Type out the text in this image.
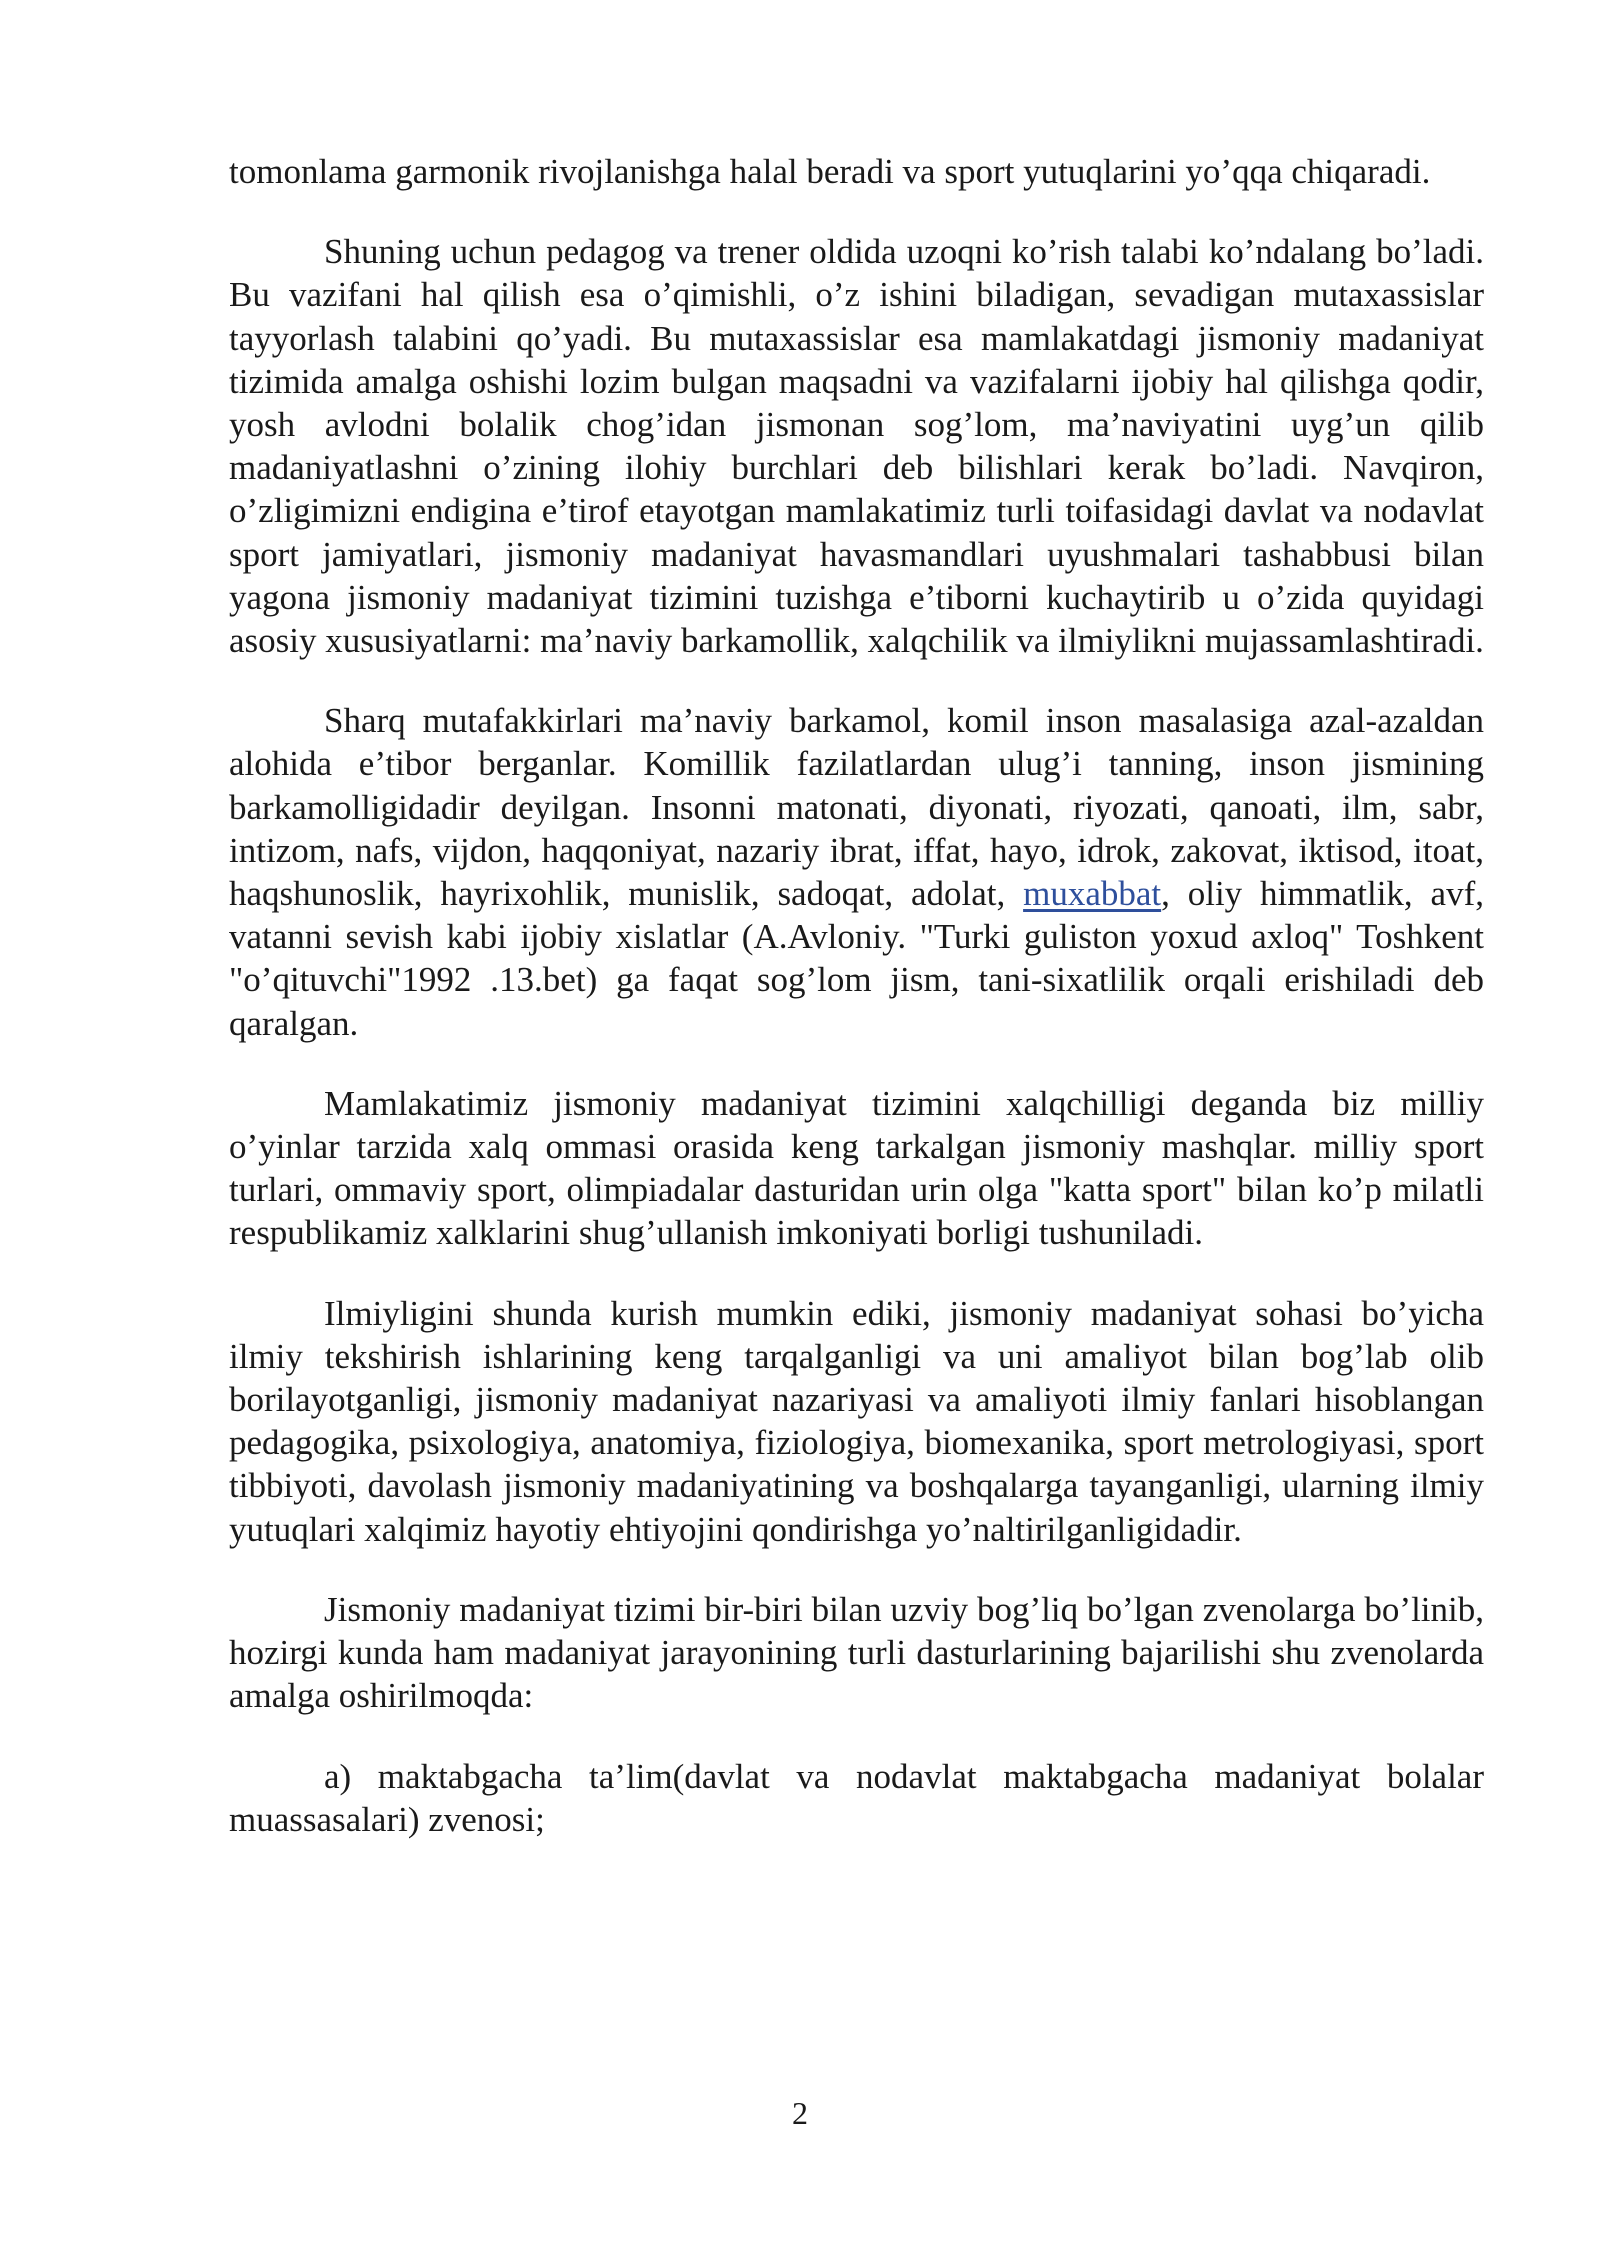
tomonlama garmonik rivojlanishga halal beradi va sport yutuqlarini yo’qqa chiqaradi.

Shuning uchun pedagog va trener oldida uzoqni ko’rish talabi ko’ndalang bo’ladi. Bu vazifani hal qilish esa o’qimishli, o’z ishini biladigan, sevadigan mutaxassislar tayyorlash talabini qo’yadi. Bu mutaxassislar esa mamlakatdagi jismoniy madaniyat tizimida amalga oshishi lozim bulgan maqsadni va vazifalarni ijobiy hal qilishga qodir, yosh avlodni bolalik chog’idan jismonan sog’lom, ma’naviyatini uyg’un qilib madaniyatlashni o’zining ilohiy burchlari deb bilishlari kerak bo’ladi. Navqiron, o’zligimizni endigina e’tirof etayotgan mamlakatimiz turli toifasidagi davlat va nodavlat sport jamiyatlari, jismoniy madaniyat havasmandlari uyushmalari tashabbusi bilan yagona jismoniy madaniyat tizimini tuzishga e’tiborni kuchaytirib u o’zida quyidagi asosiy xususiyatlarni: ma’naviy barkamollik, xalqchilik va ilmiylikni mujassamlashtiradi.

Sharq mutafakkirlari ma’naviy barkamol, komil inson masalasiga azal-azaldan alohida e’tibor berganlar. Komillik fazilatlardan ulug’i tanning, inson jismining barkamolligidadir deyilgan. Insonni matonati, diyonati, riyozati, qanoati, ilm, sabr, intizom, nafs, vijdon, haqqoniyat, nazariy ibrat, iffat, hayo, idrok, zakovat, iktisod, itoat, haqshunoslik, hayrixohlik, munislik, sadoqat, adolat, muxabbat, oliy himmatlik, avf, vatanni sevish kabi ijobiy xislatlar (A.Avloniy. "Turki guliston yoxud axloq" Toshkent "o’qituvchi"1992 .13.bet) ga faqat sog’lom jism, tani-sixatlilik orqali erishiladi deb qaralgan.

Mamlakatimiz jismoniy madaniyat tizimini xalqchilligi deganda biz milliy o’yinlar tarzida xalq ommasi orasida keng tarkalgan jismoniy mashqlar. milliy sport turlari, ommaviy sport, olimpiadalar dasturidan urin olga "katta sport" bilan ko’p milatli respublikamiz xalklarini shug’ullanish imkoniyati borligi tushuniladi.

Ilmiyligini shunda kurish mumkin ediki, jismoniy madaniyat sohasi bo’yicha ilmiy tekshirish ishlarining keng tarqalganligi va uni amaliyot bilan bog’lab olib borilayotganligi, jismoniy madaniyat nazariyasi va amaliyoti ilmiy fanlari hisoblangan pedagogika, psixologiya, anatomiya, fiziologiya, biomexanika, sport metrologiyasi, sport tibbiyoti, davolash jismoniy madaniyatining va boshqalarga tayanganligi, ularning ilmiy yutuqlari xalqimiz hayotiy ehtiyojini qondirishga yo’naltirilganligidadir.

Jismoniy madaniyat tizimi bir-biri bilan uzviy bog’liq bo’lgan zvenolarga bo’linib, hozirgi kunda ham madaniyat jarayonining turli dasturlarining bajarilishi shu zvenolarda amalga oshirilmoqda:

a) maktabgacha ta’lim(davlat va nodavlat maktabgacha madaniyat bolalar muassasalari) zvenosi;

2
